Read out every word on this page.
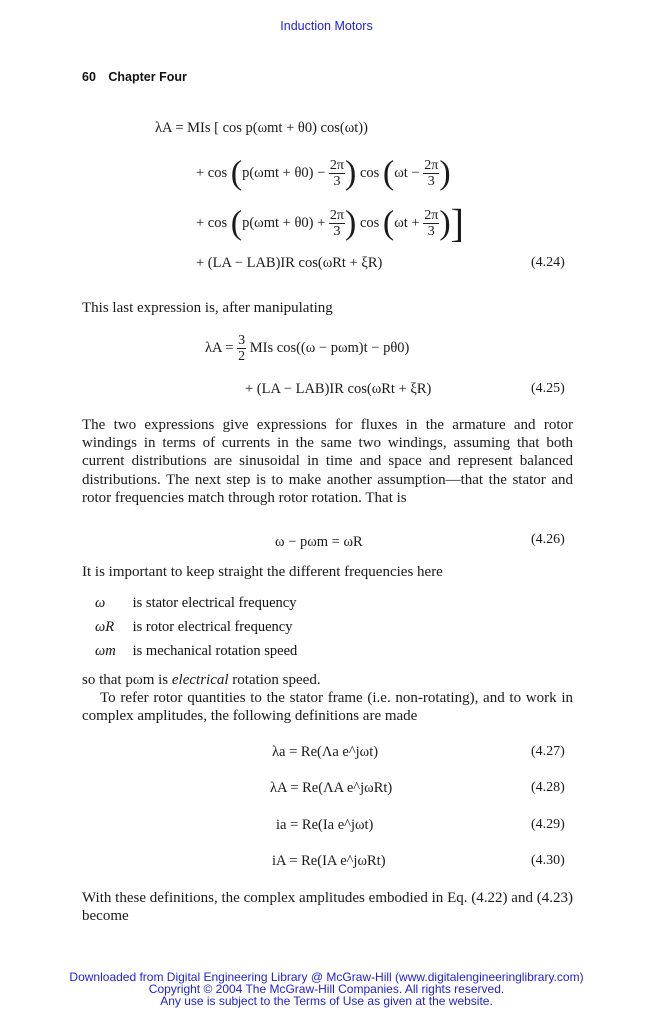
Induction Motors
60 Chapter Four
λA = MIs [ cos p(ωmt + θ0) cos(ωt))
+ $\cos (p(\omega mt + \theta 0) - \frac{2\pi}{3}$ ) $\cos (\omega t - \frac{2\pi}{3}$ )
+ $\cos (p(\omega mt + \theta 0) + \frac{2\pi}{3}$ ) $\cos (\omega t + \frac{2\pi}{3}$ )]
+ (LA − LAB)IR cos(ωRt + ξR)	(4.24)
This last expression is, after manipulating
$\lambda A = \frac{3}{2}$ MIs cos((ω − pωm)t − pθ0)
+ (LA − LAB)IR cos(ωRt + ξR)	(4.25)
The two expressions give expressions for fluxes in the armature and rotor windings in terms of currents in the same two windings, assuming that both current distributions are sinusoidal in time and space and represent balanced distributions. The next step is to make another assumption—that the stator and rotor frequencies match through rotor rotation. That is
ω − pωm = ωR	(4.26)
It is important to keep straight the different frequencies here
ω is stator electrical frequency
ωR is rotor electrical frequency
ωm is mechanical rotation speed
so that pωm is electrical rotation speed.
To refer rotor quantities to the stator frame (i.e. non-rotating), and to work in complex amplitudes, the following definitions are made
λa = Re(Λa e^jωt)	(4.27)
λA = Re(ΛA e^jωRt)	(4.28)
ia = Re(Ia e^jωt)	(4.29)
iA = Re(IA e^jωRt)	(4.30)
With these definitions, the complex amplitudes embodied in Eq. (4.22) and (4.23) become
Downloaded from Digital Engineering Library @ McGraw-Hill (www.digitalengineeringlibrary.com)
Copyright © 2004 The McGraw-Hill Companies. All rights reserved.
Any use is subject to the Terms of Use as given at the website.
